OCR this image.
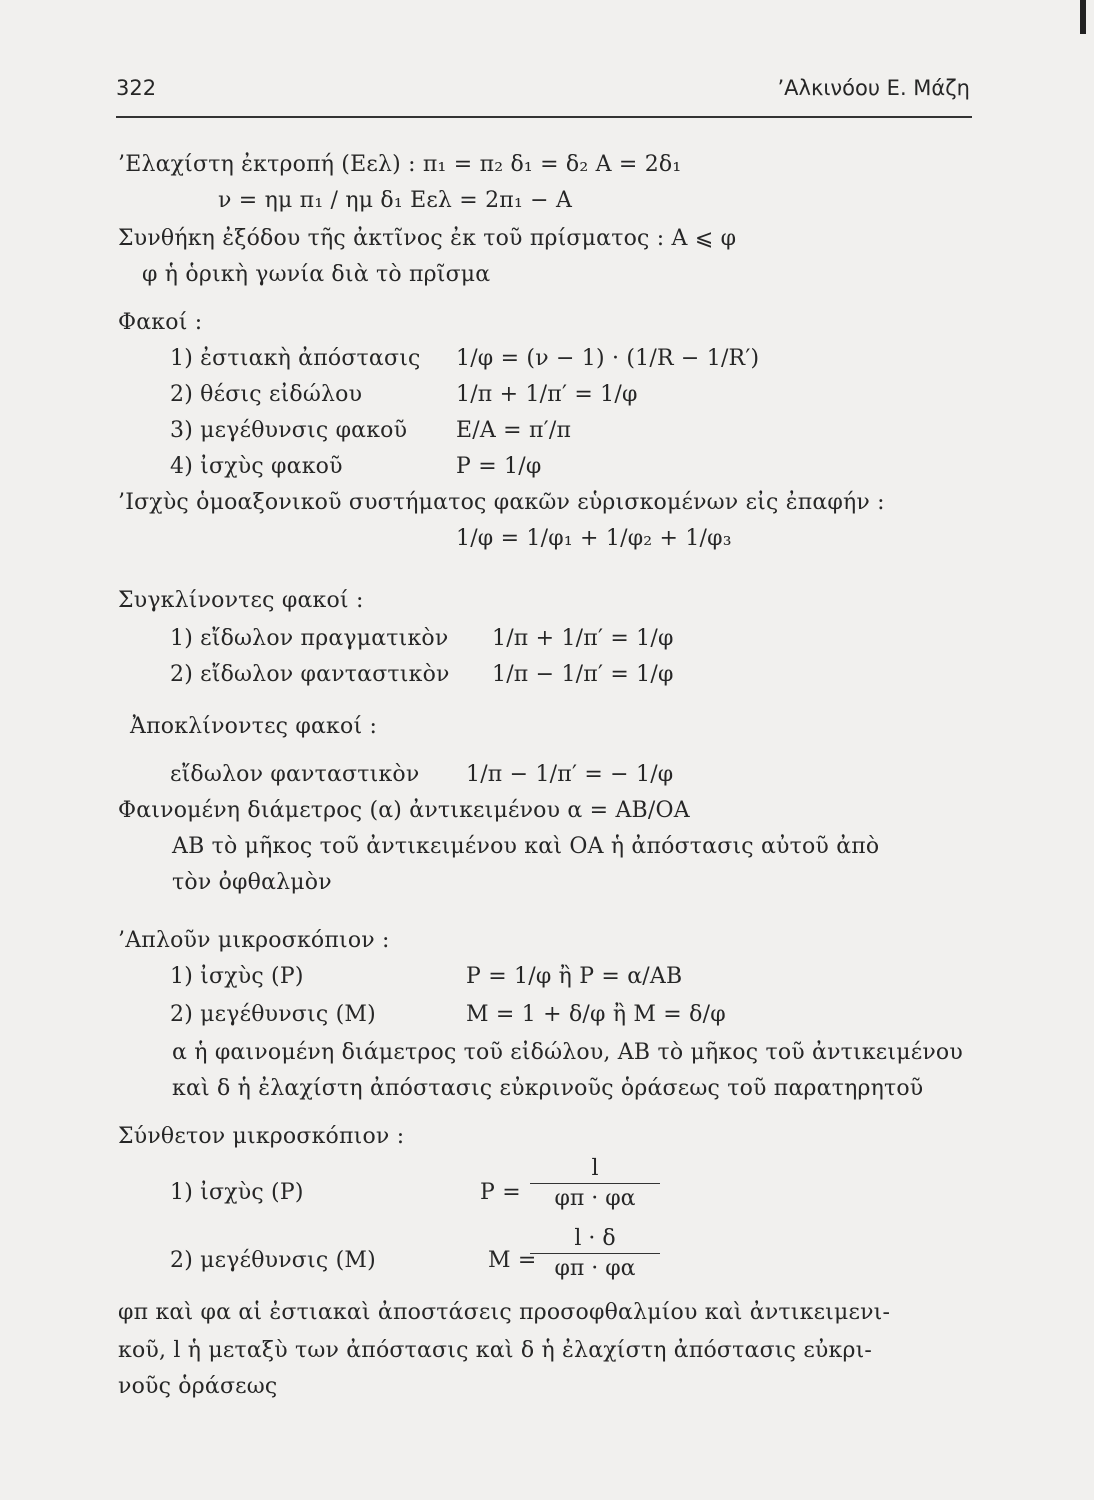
322	’Αλκινόου Ε. Μάζη
’Ελαχίστη ἐκτροπή (Eελ) : π₁ = π₂ δ₁ = δ₂ A = 2δ₁
ν = ημ π₁ / ημ δ₁ Eελ = 2π₁ − A
Συνθήκη ἐξόδου τῆς ἀκτῖνος ἐκ τοῦ πρίσματος : A ⩽ φ
φ ἡ ὁρικὴ γωνία διὰ τὸ πρῖσμα
Φακοί :
1) ἐστιακὴ ἀπόστασις 1/φ = (ν − 1) · (1/R − 1/R′)
2) θέσις εἰδώλου	1/π + 1/π′ = 1/φ
3) μεγέθυνσις φακοῦ E/A = π′/π
4) ἰσχὺς φακοῦ	P = 1/φ
’Ισχὺς ὁμοαξονικοῦ συστήματος φακῶν εὑρισκομένων εἰς ἐπαφήν :
1/φ = 1/φ₁ + 1/φ₂ + 1/φ₃
Συγκλίνοντες φακοί :
1) εἴδωλον πραγματικὸν 1/π + 1/π′ = 1/φ
2) εἴδωλον φανταστικὸν 1/π − 1/π′ = 1/φ
Ἀποκλίνοντες φακοί :
εἴδωλον φανταστικὸν 1/π − 1/π′ = − 1/φ
Φαινομένη διάμετρος (α) ἀντικειμένου α = AB/OA
AB τὸ μῆκος τοῦ ἀντικειμένου καὶ OA ἡ ἀπόστασις αὐτοῦ ἀπὸ
τὸν ὀφθαλμὸν
’Απλοῦν μικροσκόπιον :
1) ἰσχὺς (P)	P = 1/φ ἢ P = α/AB
2) μεγέθυνσις (M)	M = 1 + δ/φ ἢ M = δ/φ
α ἡ φαινομένη διάμετρος τοῦ εἰδώλου, AB τὸ μῆκος τοῦ ἀντικειμένου
καὶ δ ἡ ἐλαχίστη ἀπόστασις εὐκρινοῦς ὁράσεως τοῦ παρατηρητοῦ
Σύνθετον μικροσκόπιον :
1) ἰσχὺς (P)	$P = \frac{l}{\varphi\pi \cdot \varphi\alpha}$
2) μεγέθυνσις (M)	M =
$\frac{l \cdot \delta}{\varphi\pi \cdot \varphi\alpha}$
φπ καὶ φα αἱ ἐστιακαὶ ἀποστάσεις προσοφθαλμίου καὶ ἀντικειμενι-
κοῦ, l ἡ μεταξὺ των ἀπόστασις καὶ δ ἡ ἐλαχίστη ἀπόστασις εὐκρι-
νοῦς ὁράσεως
